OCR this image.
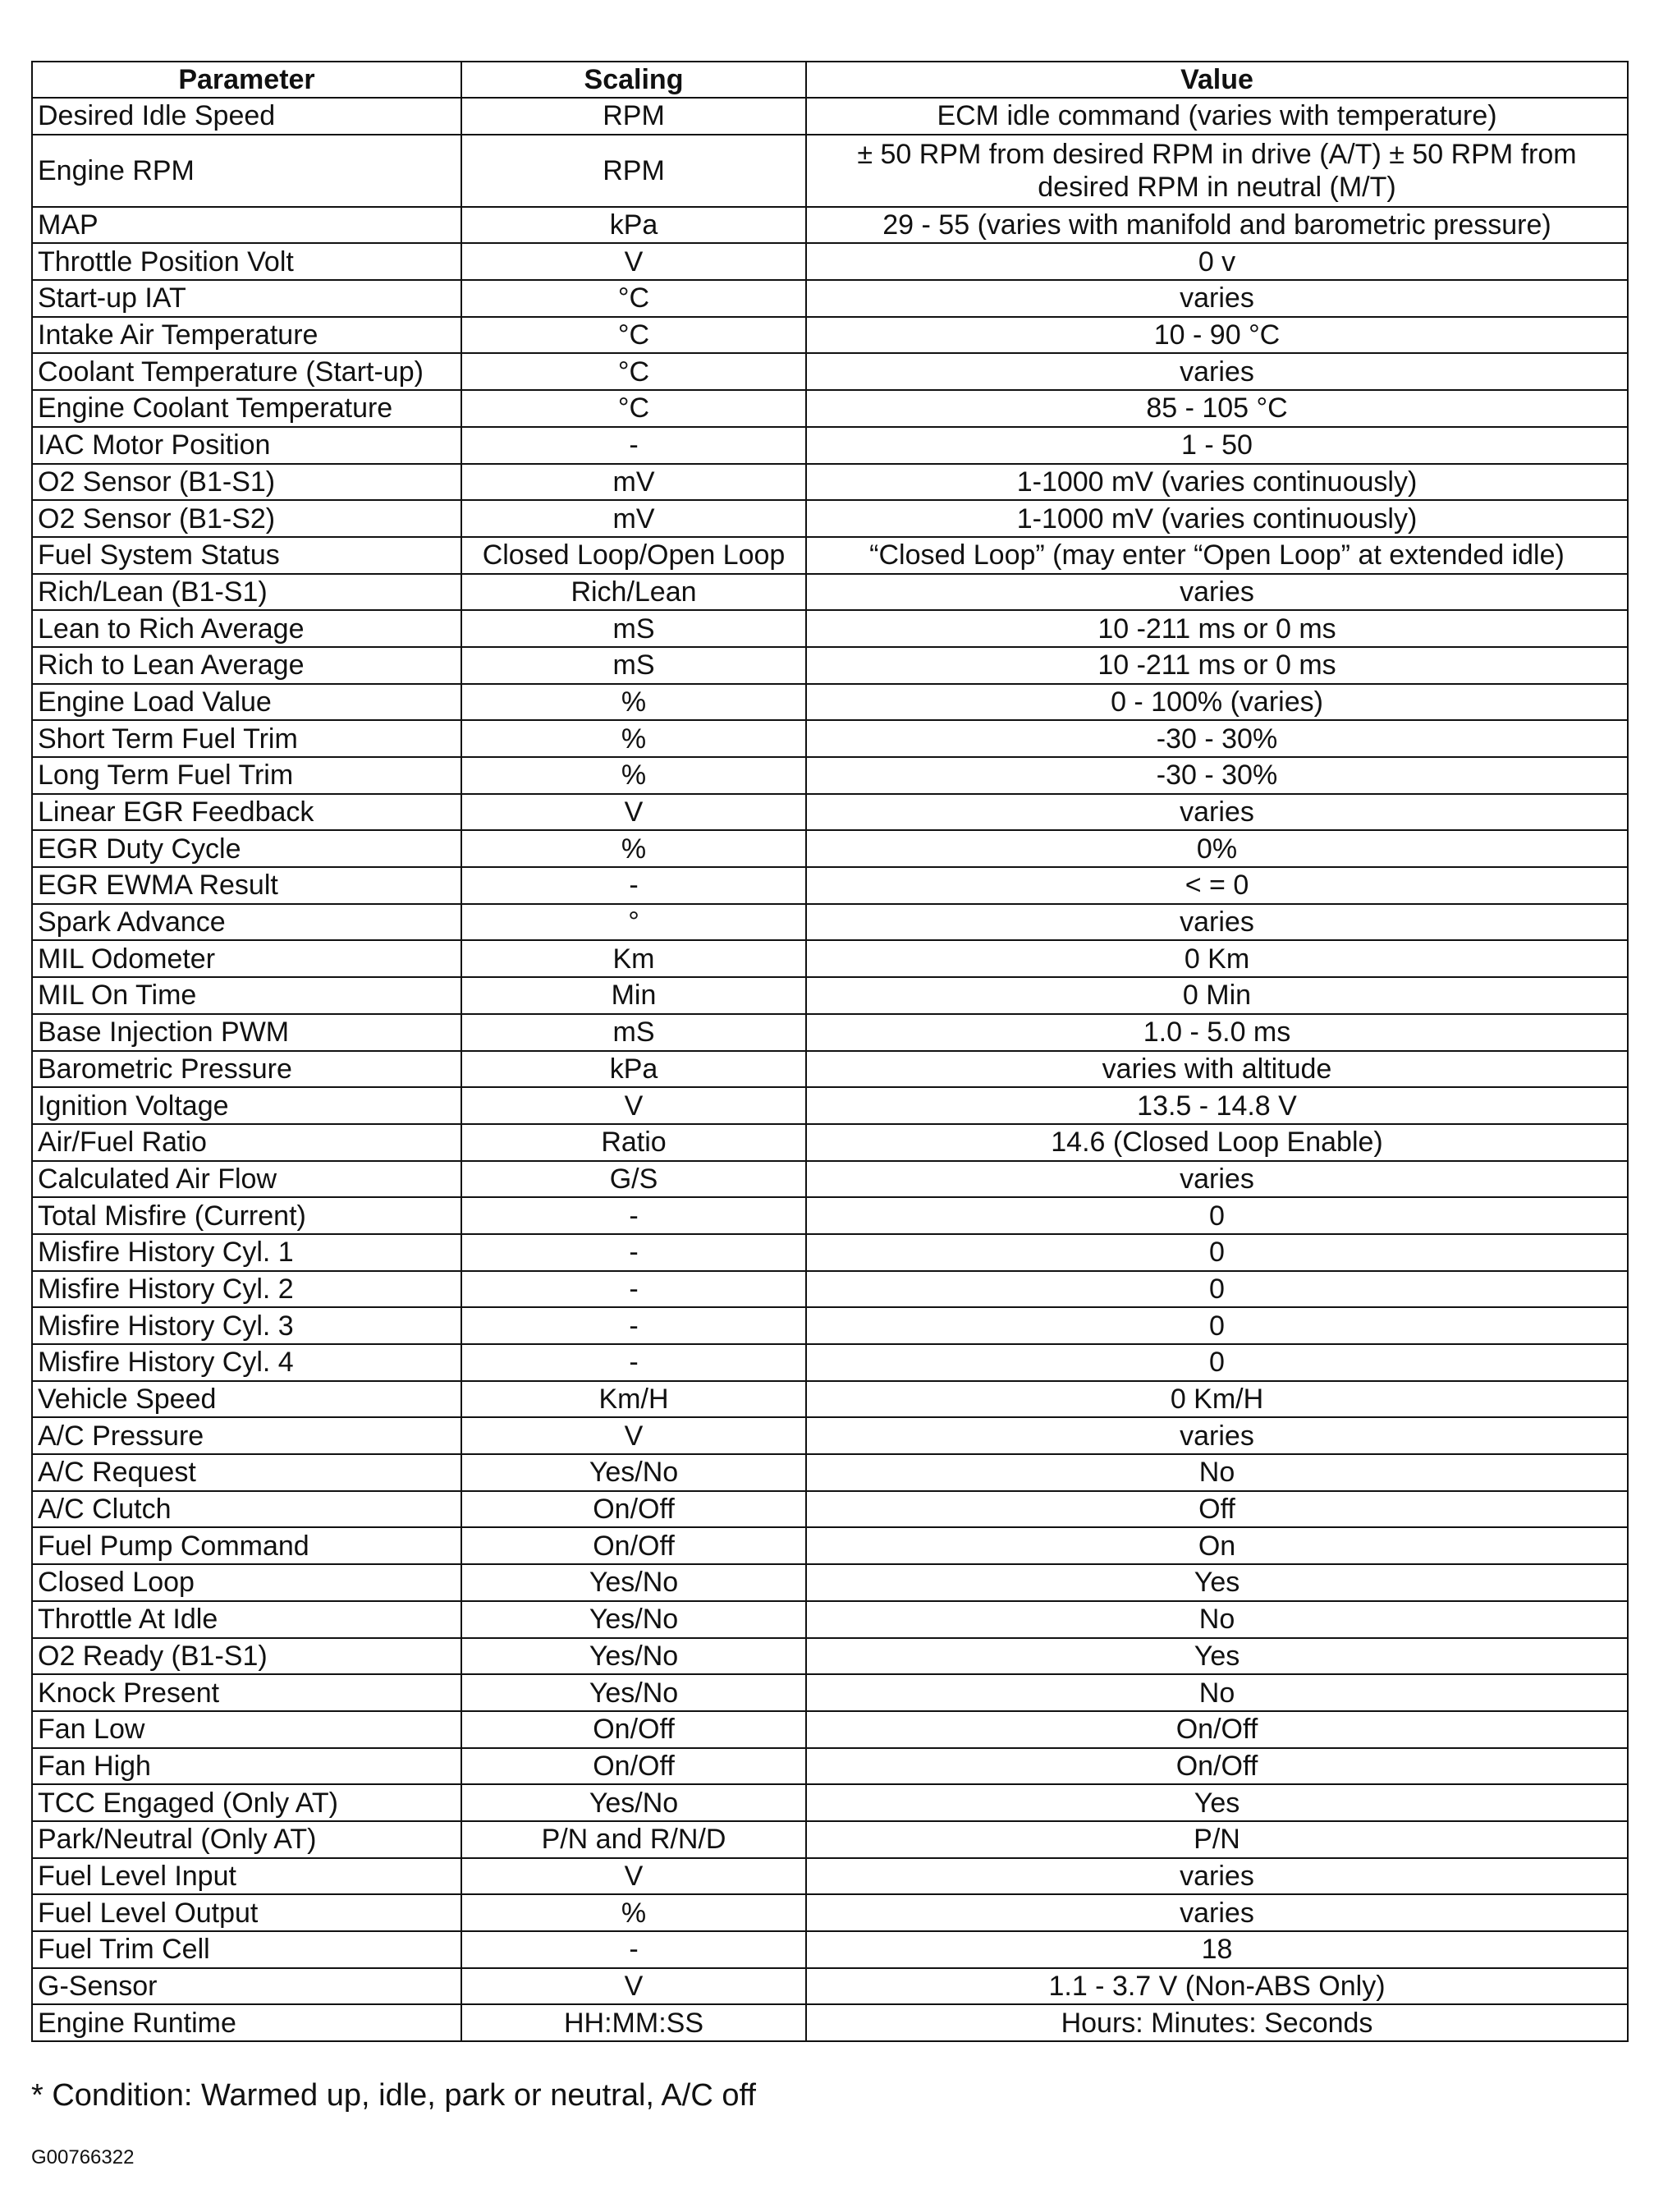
Parameter	Scaling	Value
Desired Idle Speed	RPM	ECM idle command (varies with temperature)
Engine RPM	RPM	± 50 RPM from desired RPM in drive (A/T) ± 50 RPM from desired RPM in neutral (M/T)
MAP	kPa	29 - 55 (varies with manifold and barometric pressure)
Throttle Position Volt	V	0 v
Start-up IAT	°C	varies
Intake Air Temperature	°C	10 - 90 °C
Coolant Temperature (Start-up)	°C	varies
Engine Coolant Temperature	°C	85 - 105 °C
IAC Motor Position	-	1 - 50
O2 Sensor (B1-S1)	mV	1-1000 mV (varies continuously)
O2 Sensor (B1-S2)	mV	1-1000 mV (varies continuously)
Fuel System Status	Closed Loop/Open Loop	“Closed Loop” (may enter “Open Loop” at extended idle)
Rich/Lean (B1-S1)	Rich/Lean	varies
Lean to Rich Average	mS	10 -211 ms or 0 ms
Rich to Lean Average	mS	10 -211 ms or 0 ms
Engine Load Value	%	0 - 100% (varies)
Short Term Fuel Trim	%	-30 - 30%
Long Term Fuel Trim	%	-30 - 30%
Linear EGR Feedback	V	varies
EGR Duty Cycle	%	0%
EGR EWMA Result	-	< = 0
Spark Advance	°	varies
MIL Odometer	Km	0 Km
MIL On Time	Min	0 Min
Base Injection PWM	mS	1.0 - 5.0 ms
Barometric Pressure	kPa	varies with altitude
Ignition Voltage	V	13.5 - 14.8 V
Air/Fuel Ratio	Ratio	14.6 (Closed Loop Enable)
Calculated Air Flow	G/S	varies
Total Misfire (Current)	-	0
Misfire History Cyl. 1	-	0
Misfire History Cyl. 2	-	0
Misfire History Cyl. 3	-	0
Misfire History Cyl. 4	-	0
Vehicle Speed	Km/H	0 Km/H
A/C Pressure	V	varies
A/C Request	Yes/No	No
A/C Clutch	On/Off	Off
Fuel Pump Command	On/Off	On
Closed Loop	Yes/No	Yes
Throttle At Idle	Yes/No	No
O2 Ready (B1-S1)	Yes/No	Yes
Knock Present	Yes/No	No
Fan Low	On/Off	On/Off
Fan High	On/Off	On/Off
TCC Engaged (Only AT)	Yes/No	Yes
Park/Neutral (Only AT)	P/N and R/N/D	P/N
Fuel Level Input	V	varies
Fuel Level Output	%	varies
Fuel Trim Cell	-	18
G-Sensor	V	1.1 - 3.7 V (Non-ABS Only)
Engine Runtime	HH:MM:SS	Hours: Minutes: Seconds
* Condition: Warmed up, idle, park or neutral, A/C off
G00766322
